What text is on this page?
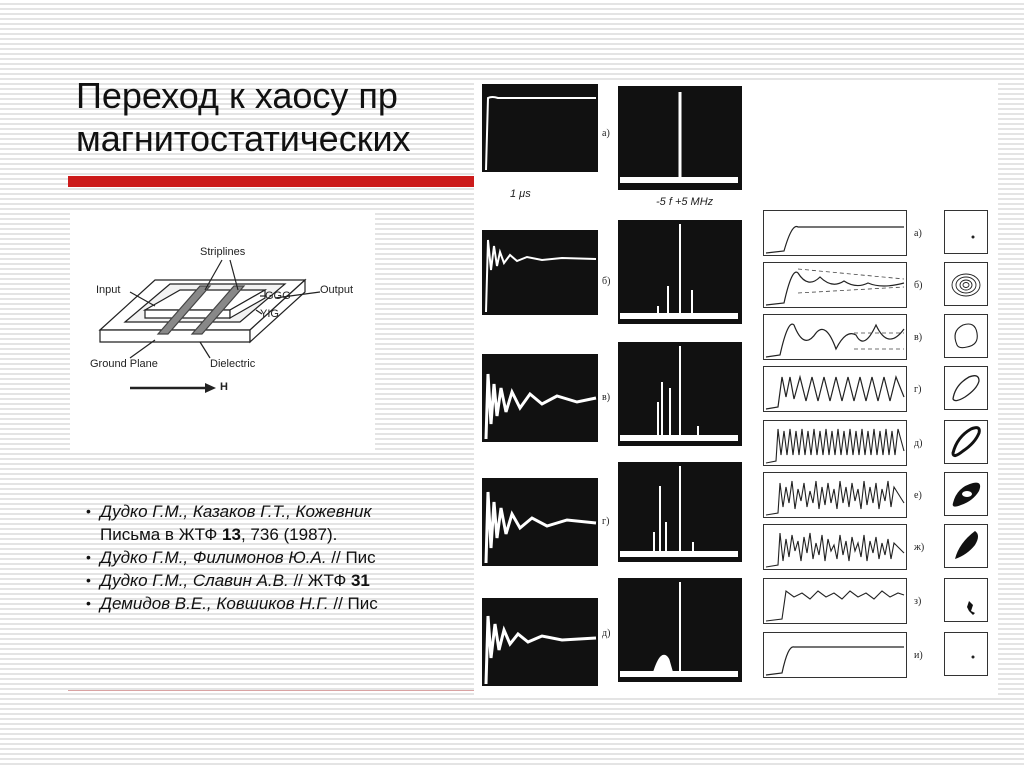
Переход к хаосу пр
магнитостатических
Striplines
Input	Output
GGG
YIG
Ground Plane	Dielectric
H
• Дудко Г.М., Казаков Г.Т., Кожевник
Письма в ЖТФ 13, 736 (1987).
• Дудко Г.М., Филимонов Ю.А. // Пис
• Дудко Г.М., Славин А.В. // ЖТФ 31
• Демидов В.Е., Ковшиков Н.Г. // Пис
1 μs
а)
б)
в)
г)
д)
-5 f +5 MHz
а)
б)
в)
г)
д)
е)
ж)
з)
и)
